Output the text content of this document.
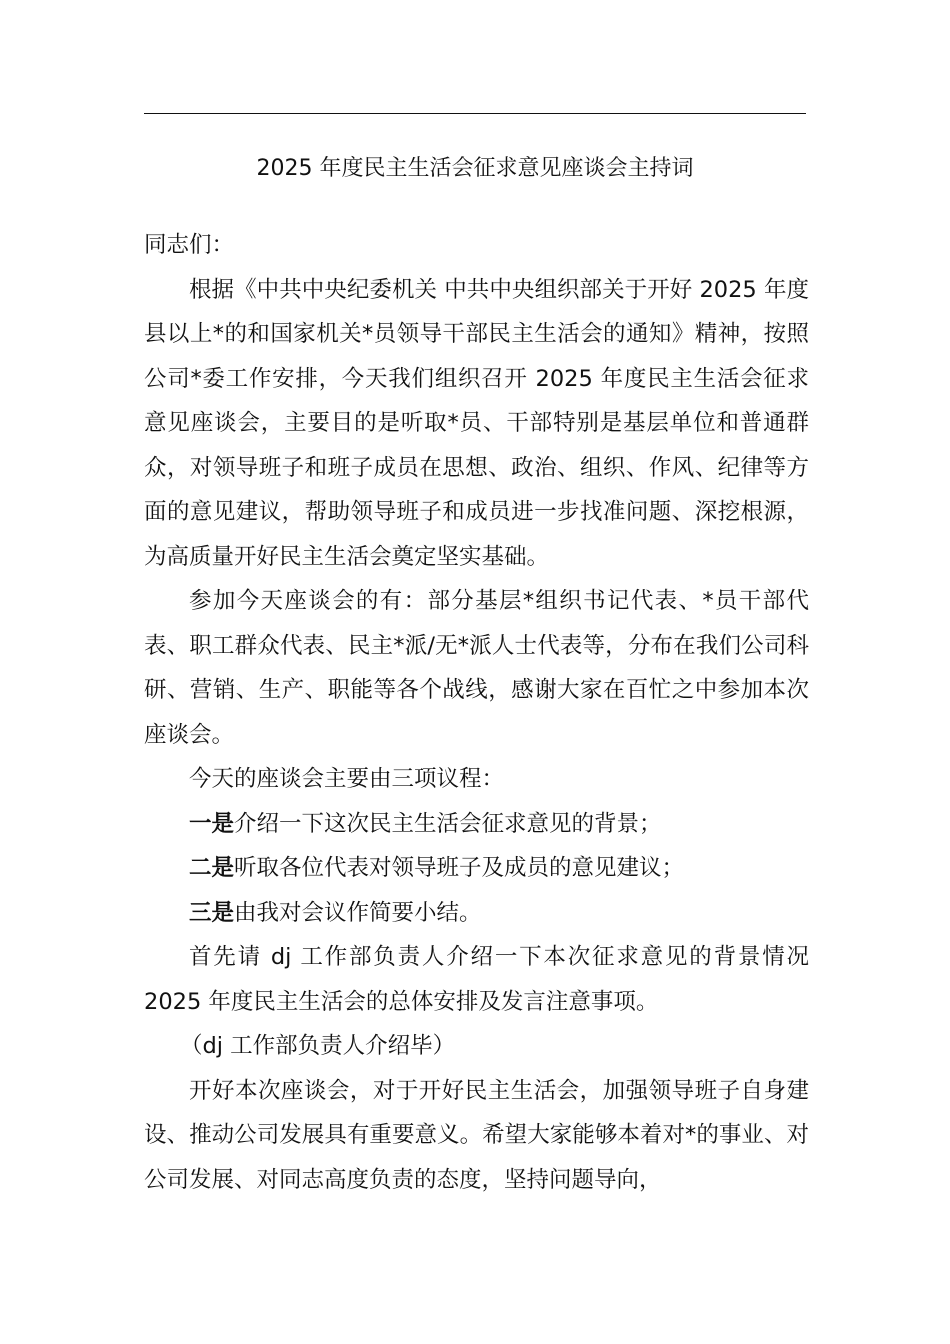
2025 年度民主生活会征求意见座谈会主持词

同志们：

根据《中共中央纪委机关 中共中央组织部关于开好 2025 年度县以上*的和国家机关*员领导干部民主生活会的通知》精神，按照公司*委工作安排，今天我们组织召开 2025 年度民主生活会征求意见座谈会，主要目的是听取*员、干部特别是基层单位和普通群众，对领导班子和班子成员在思想、政治、组织、作风、纪律等方面的意见建议，帮助领导班子和成员进一步找准问题、深挖根源，为高质量开好民主生活会奠定坚实基础。

参加今天座谈会的有：部分基层*组织书记代表、*员干部代表、职工群众代表、民主*派/无*派人士代表等，分布在我们公司科研、营销、生产、职能等各个战线，感谢大家在百忙之中参加本次座谈会。

今天的座谈会主要由三项议程：

一是介绍一下这次民主生活会征求意见的背景；

二是听取各位代表对领导班子及成员的意见建议；

三是由我对会议作简要小结。

首先请 dj 工作部负责人介绍一下本次征求意见的背景情况 2025 年度民主生活会的总体安排及发言注意事项。

（dj 工作部负责人介绍毕）

开好本次座谈会，对于开好民主生活会，加强领导班子自身建设、推动公司发展具有重要意义。希望大家能够本着对*的事业、对公司发展、对同志高度负责的态度，坚持问题导向，
